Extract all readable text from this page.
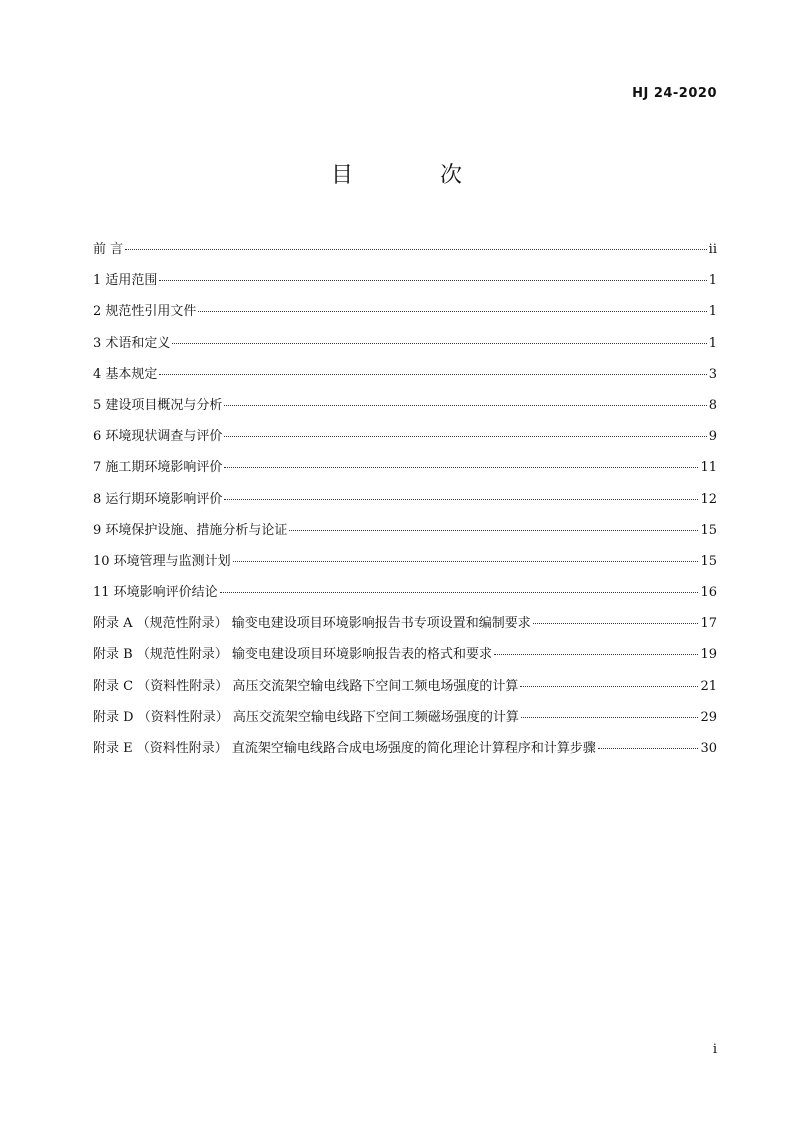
HJ 24-2020
目 次
前 言	ii
1 适用范围	1
2 规范性引用文件	1
3 术语和定义	1
4 基本规定	3
5 建设项目概况与分析	8
6 环境现状调查与评价	9
7 施工期环境影响评价	11
8 运行期环境影响评价	12
9 环境保护设施、措施分析与论证	15
10 环境管理与监测计划	15
11 环境影响评价结论	16
附录 A （规范性附录） 输变电建设项目环境影响报告书专项设置和编制要求	17
附录 B （规范性附录） 输变电建设项目环境影响报告表的格式和要求	19
附录 C （资料性附录） 高压交流架空输电线路下空间工频电场强度的计算	21
附录 D （资料性附录） 高压交流架空输电线路下空间工频磁场强度的计算	29
附录 E （资料性附录） 直流架空输电线路合成电场强度的简化理论计算程序和计算步骤	30
i
